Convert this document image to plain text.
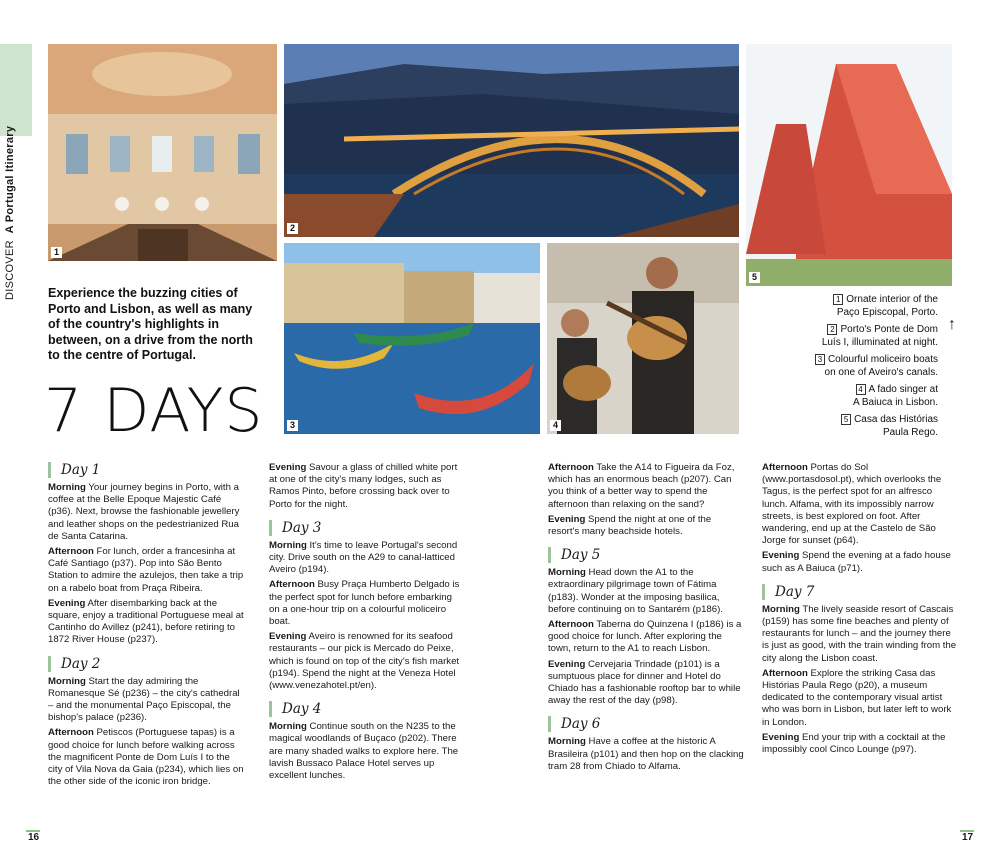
DISCOVER  A Portugal Itinerary
1
2
5
3	4
Experience the buzzing cities of Porto and Lisbon, as well as many of the country's highlights in between, on a drive from the north to the centre of Portugal.
7 DAYS
1 Ornate interior of the
Paço Episcopal, Porto.
2 Porto's Ponte de Dom
Luís I, illuminated at night.
3 Colourful moliceiro boats
on one of Aveiro's canals.
4 A fado singer at
A Baiuca in Lisbon.
5 Casa das Histórias
Paula Rego.
↑
Day 1
Morning Your journey begins in Porto, with a coffee at the Belle Epoque Majestic Café (p36). Next, browse the fashionable jewellery and leather shops on the pedestrianized Rua de Santa Catarina.
Afternoon For lunch, order a francesinha at Café Santiago (p37). Pop into São Bento Station to admire the azulejos, then take a trip on a rabelo boat from Praça Ribeira.
Evening After disembarking back at the square, enjoy a traditional Portuguese meal at Cantinho do Avillez (p241), before retiring to 1872 River House (p237).
Day 2
Morning Start the day admiring the Romanesque Sé (p236) – the city's cathedral – and the monumental Paço Episcopal, the bishop's palace (p236).
Afternoon Petiscos (Portuguese tapas) is a good choice for lunch before walking across the magnificent Ponte de Dom Luís I to the city of Vila Nova da Gaia (p234), which lies on the other side of the iconic iron bridge.
Evening Savour a glass of chilled white port at one of the city's many lodges, such as Ramos Pinto, before crossing back over to Porto for the night.
Day 3
Morning It's time to leave Portugal's second city. Drive south on the A29 to canal-latticed Aveiro (p194).
Afternoon Busy Praça Humberto Delgado is the perfect spot for lunch before embarking on a one-hour trip on a colourful moliceiro boat.
Evening Aveiro is renowned for its seafood restaurants – our pick is Mercado do Peixe, which is found on top of the city's fish market (p194). Spend the night at the Veneza Hotel (www.venezahotel.pt/en).
Day 4
Morning Continue south on the N235 to the magical woodlands of Buçaco (p202). There are many shaded walks to explore here. The lavish Bussaco Palace Hotel serves up excellent lunches.
Afternoon Take the A14 to Figueira da Foz, which has an enormous beach (p207). Can you think of a better way to spend the afternoon than relaxing on the sand?
Evening Spend the night at one of the resort's many beachside hotels.
Day 5
Morning Head down the A1 to the extraordinary pilgrimage town of Fátima (p183). Wonder at the imposing basilica, before continuing on to Santarém (p186).
Afternoon Taberna do Quinzena I (p186) is a good choice for lunch. After exploring the town, return to the A1 to reach Lisbon.
Evening Cervejaria Trindade (p101) is a sumptuous place for dinner and Hotel do Chiado has a fashionable rooftop bar to while away the rest of the day (p98).
Day 6
Morning Have a coffee at the historic A Brasileira (p101) and then hop on the clacking tram 28 from Chiado to Alfama.
Afternoon Portas do Sol (www.portasdosol.pt), which overlooks the Tagus, is the perfect spot for an alfresco lunch. Alfama, with its impossibly narrow streets, is best explored on foot. After wandering, end up at the Castelo de São Jorge for sunset (p64).
Evening Spend the evening at a fado house such as A Baiuca (p71).
Day 7
Morning The lively seaside resort of Cascais (p159) has some fine beaches and plenty of restaurants for lunch – and the journey there is just as good, with the train winding from the city along the Lisbon coast.
Afternoon Explore the striking Casa das Histórias Paula Rego (p20), a museum dedicated to the contemporary visual artist who was born in Lisbon, but later left to work in London.
Evening End your trip with a cocktail at the impossibly cool Cinco Lounge (p97).
16	17
